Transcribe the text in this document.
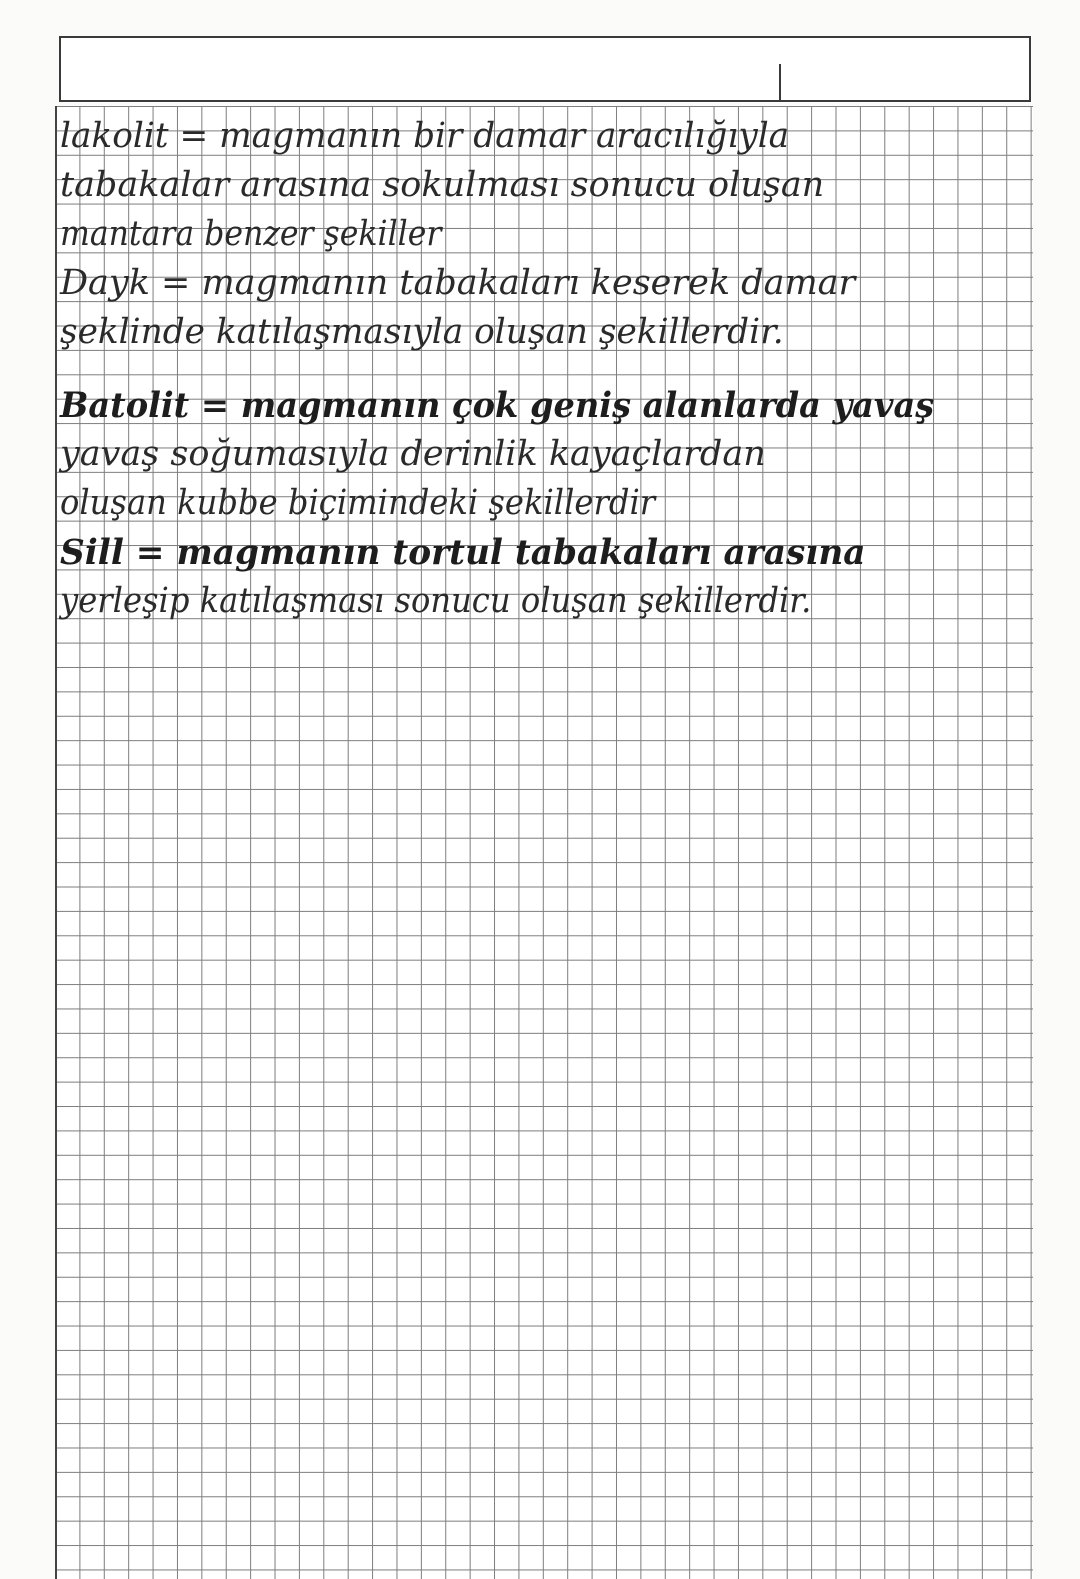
lakolit = magmanın bir damar aracılığıyla
tabakalar arasına sokulması sonucu oluşan
mantara benzer şekiller
Dayk = magmanın tabakaları keserek damar
şeklinde katılaşmasıyla oluşan şekillerdir.
Batolit = magmanın çok geniş alanlarda yavaş
yavaş soğumasıyla derinlik kayaçlardan
oluşan kubbe biçimindeki şekillerdir
Sill = magmanın tortul tabakaları arasına
yerleşip katılaşması sonucu oluşan şekillerdir.
